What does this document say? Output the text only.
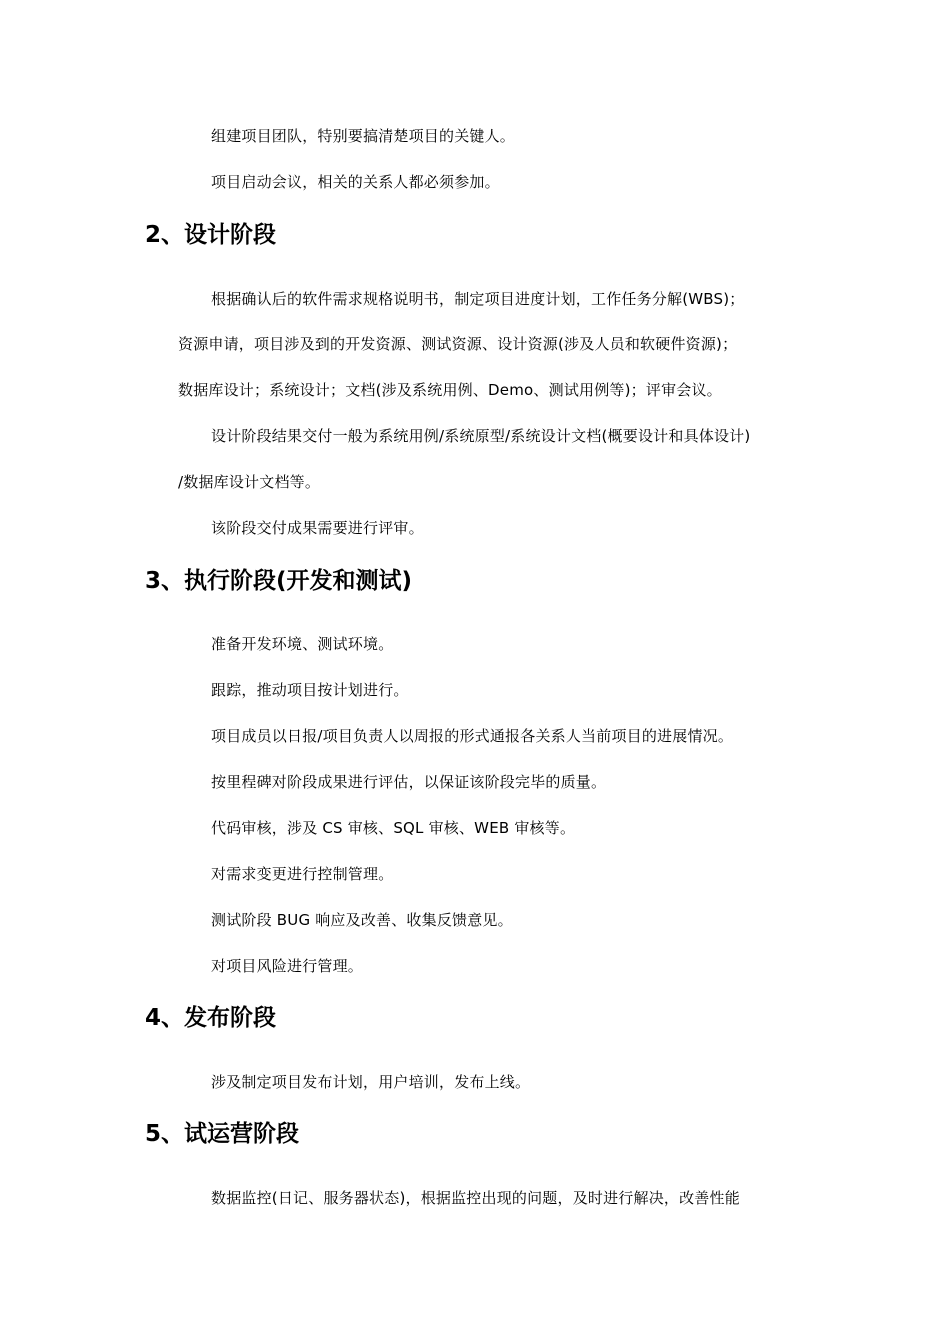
组建项目团队，特别要搞清楚项目的关键人。
项目启动会议，相关的关系人都必须参加。
2、设计阶段
根据确认后的软件需求规格说明书，制定项目进度计划，工作任务分解(WBS)；
资源申请，项目涉及到的开发资源、测试资源、设计资源(涉及人员和软硬件资源)；
数据库设计；系统设计；文档(涉及系统用例、Demo、测试用例等)；评审会议。
设计阶段结果交付一般为系统用例/系统原型/系统设计文档(概要设计和具体设计)
/数据库设计文档等。
该阶段交付成果需要进行评审。
3、执行阶段(开发和测试)
准备开发环境、测试环境。
跟踪，推动项目按计划进行。
项目成员以日报/项目负责人以周报的形式通报各关系人当前项目的进展情况。
按里程碑对阶段成果进行评估，以保证该阶段完毕的质量。
代码审核，涉及 CS 审核、SQL 审核、WEB 审核等。
对需求变更进行控制管理。
测试阶段 BUG 响应及改善、收集反馈意见。
对项目风险进行管理。
4、发布阶段
涉及制定项目发布计划，用户培训，发布上线。
5、试运营阶段
数据监控(日记、服务器状态)，根据监控出现的问题，及时进行解决，改善性能
